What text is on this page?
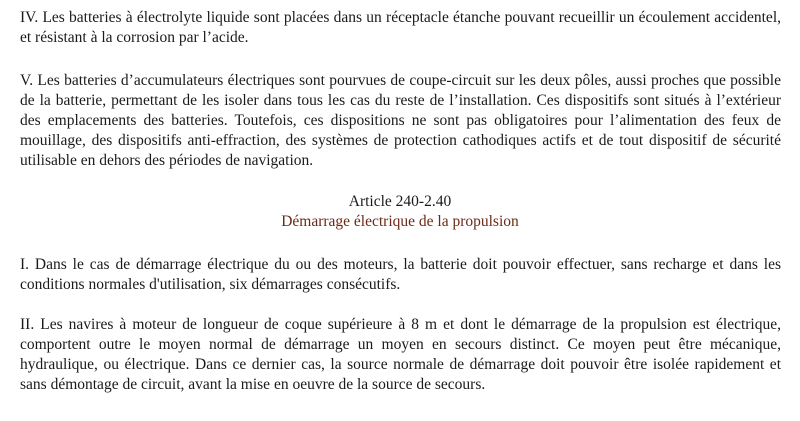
IV. Les batteries à électrolyte liquide sont placées dans un réceptacle étanche pouvant recueillir un écoulement accidentel, et résistant à la corrosion par l’acide.

V. Les batteries d’accumulateurs électriques sont pourvues de coupe-circuit sur les deux pôles, aussi proches que possible de la batterie, permettant de les isoler dans tous les cas du reste de l’installation. Ces dispositifs sont situés à l’extérieur des emplacements des batteries. Toutefois, ces dispositions ne sont pas obligatoires pour l’alimentation des feux de mouillage, des dispositifs anti-effraction, des systèmes de protection cathodiques actifs et de tout dispositif de sécurité utilisable en dehors des périodes de navigation.

Article 240-2.40
Démarrage électrique de la propulsion

I. Dans le cas de démarrage électrique du ou des moteurs, la batterie doit pouvoir effectuer, sans recharge et dans les conditions normales d'utilisation, six démarrages consécutifs.

II. Les navires à moteur de longueur de coque supérieure à 8 m et dont le démarrage de la propulsion est électrique, comportent outre le moyen normal de démarrage un moyen en secours distinct. Ce moyen peut être mécanique, hydraulique, ou électrique. Dans ce dernier cas, la source normale de démarrage doit pouvoir être isolée rapidement et sans démontage de circuit, avant la mise en oeuvre de la source de secours.
